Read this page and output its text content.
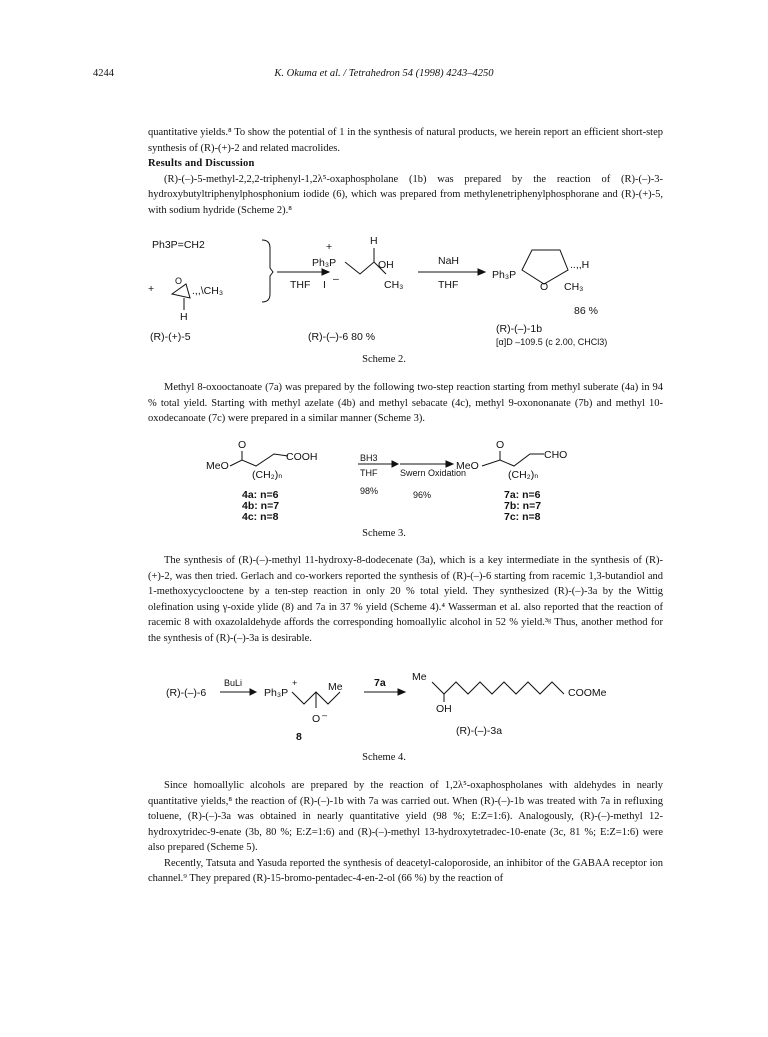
4244	K. Okuma et al. / Tetrahedron 54 (1998) 4243–4250

quantitative yields.⁸ To show the potential of 1 in the synthesis of natural products, we herein report an efficient short-step synthesis of (R)-(+)-2 and related macrolides.

Results and Discussion

(R)-(–)-5-methyl-2,2,2-triphenyl-1,2λ⁵-oxaphospholane (1b) was prepared by the reaction of (R)-(–)-3-hydroxybutyltriphenylphosphonium iodide (6), which was prepared from methylenetriphenylphosphorane and (R)-(+)-5, with sodium hydride (Scheme 2).⁸

Ph3P=CH2
+
O
.,,\CH₃
H
(R)-(+)-5
THF
+
Ph₃P
H
OH
CH₃
I –
(R)-(–)-6 80 %
NaH
THF
Ph₃P
O
..,,H
CH₃
86 %
(R)-(–)-1b
[α]D –109.5 (c 2.00, CHCl3)
Scheme 2.
Methyl 8-oxooctanoate (7a) was prepared by the following two-step reaction starting from methyl suberate (4a) in 94 % total yield. Starting with methyl azelate (4b) and methyl sebacate (4c), methyl 9-oxononanate (7b) and methyl 10-oxodecanoate (7c) were prepared in a similar manner (Scheme 3).
O
MeO
(CH₂)ₙ
COOH
4a: n=6
4b: n=7
4c: n=8
BH3
THF
98%
Swern Oxidation
96%
O
MeO
(CH₂)ₙ
CHO
7a: n=6
7b: n=7
7c: n=8
Scheme 3.
The synthesis of (R)-(–)-methyl 11-hydroxy-8-dodecenate (3a), which is a key intermediate in the synthesis of (R)-(+)-2, was then tried. Gerlach and co-workers reported the synthesis of (R)-(–)-6 starting from racemic 1,3-butandiol and 1-methoxycyclooctene by a ten-step reaction in only 20 % total yield. They synthesized (R)-(–)-3a by the Wittig olefination using γ-oxide ylide (8) and 7a in 37 % yield (Scheme 4).⁴ Wasserman et al. also reported that the reaction of racemic 8 with oxazolaldehyde affords the corresponding homoallylic alcohol in 52 % yield.³ᵍ Thus, another method for the synthesis of (R)-(–)-3a is desirable.
(R)-(–)-6
BuLi
Ph₃P
+
O –
Me
8
7a	Me
OH
COOMe
(R)-(–)-3a
Scheme 4.

Since homoallylic alcohols are prepared by the reaction of 1,2λ⁵-oxaphospholanes with aldehydes in nearly quantitative yields,⁸ the reaction of (R)-(–)-1b with 7a was carried out. When (R)-(–)-1b was treated with 7a in refluxing toluene, (R)-(–)-3a was obtained in nearly quantitative yield (98 %; E:Z=1:6). Analogously, (R)-(–)-methyl 12-hydroxytridec-9-enate (3b, 80 %; E:Z=1:6) and (R)-(–)-methyl 13-hydroxytetradec-10-enate (3c, 81 %; E:Z=1:6) were also prepared (Scheme 5).

Recently, Tatsuta and Yasuda reported the synthesis of deacetyl-caloporoside, an inhibitor of the GABAA receptor ion channel.⁹ They prepared (R)-15-bromo-pentadec-4-en-2-ol (66 %) by the reaction of
